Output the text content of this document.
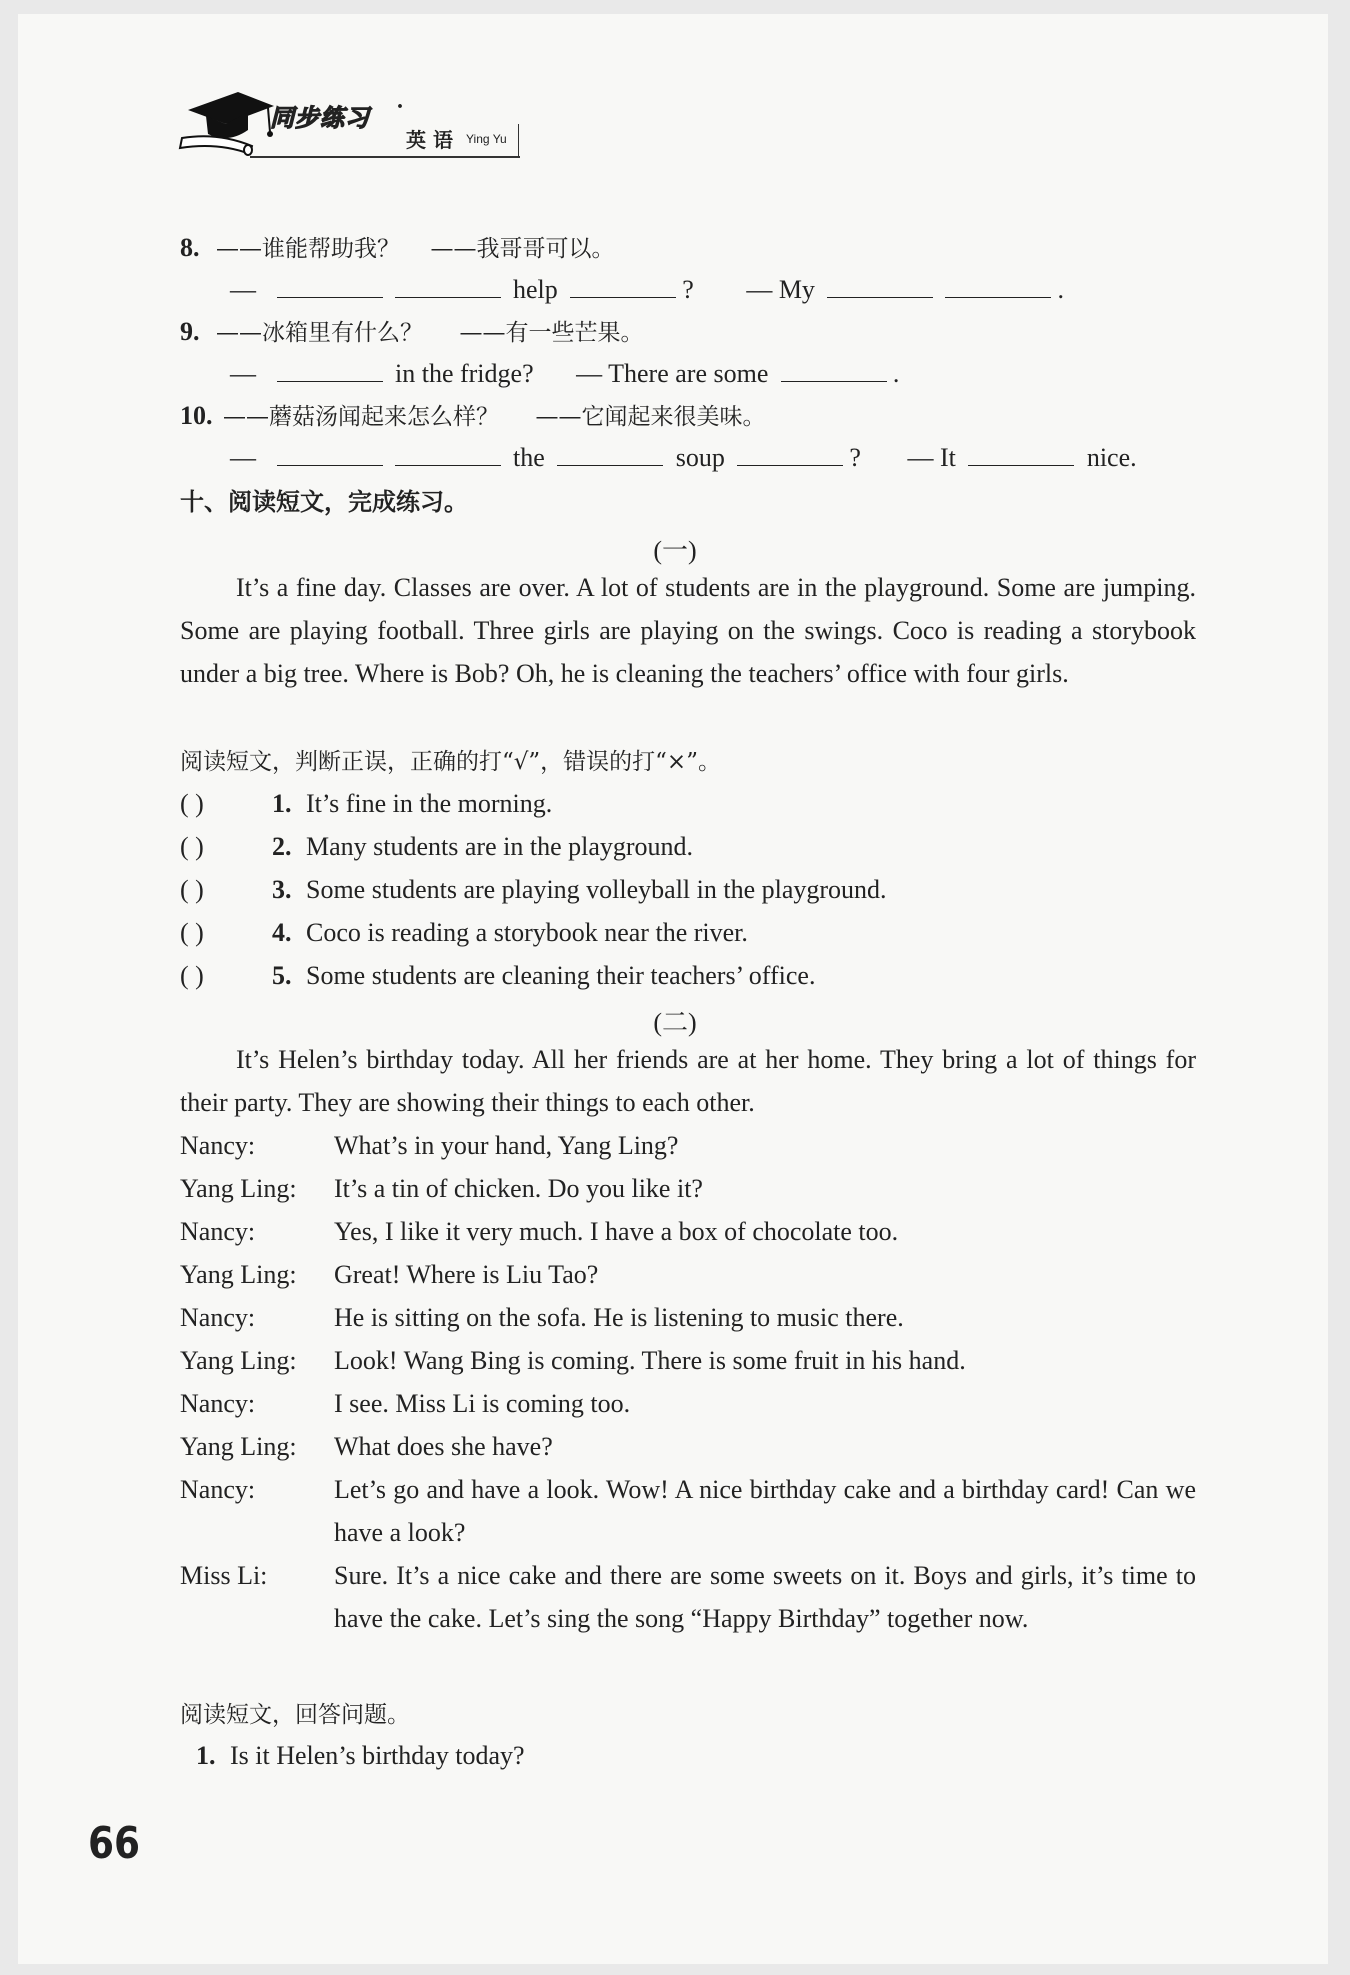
同步练习 ·
英 语 Ying Yu
8. ——谁能帮助我？ ——我哥哥可以。
—	help	? — My	.
9. ——冰箱里有什么？ ——有一些芒果。
—	in the fridge? — There are some	.
10. ——蘑菇汤闻起来怎么样？ ——它闻起来很美味。
—	the	soup	? — It	nice.
十、阅读短文，完成练习。
(一)
It’s a fine day. Classes are over. A lot of students are in the playground. Some are jumping. Some are playing football. Three girls are playing on the swings. Coco is reading a storybook under a big tree. Where is Bob? Oh, he is cleaning the teachers’ office with four girls.
阅读短文，判断正误，正确的打“√”，错误的打“×”。
( )	1. It’s fine in the morning.
( )	2. Many students are in the playground.
( )	3. Some students are playing volleyball in the playground.
( )	4. Coco is reading a storybook near the river.
( )	5. Some students are cleaning their teachers’ office.
(二)
It’s Helen’s birthday today. All her friends are at her home. They bring a lot of things for their party. They are showing their things to each other.
Nancy:	What’s in your hand, Yang Ling?
Yang Ling: It’s a tin of chicken. Do you like it?
Nancy:	Yes, I like it very much. I have a box of chocolate too.
Yang Ling: Great! Where is Liu Tao?
Nancy:	He is sitting on the sofa. He is listening to music there.
Yang Ling: Look! Wang Bing is coming. There is some fruit in his hand.
Nancy:	I see. Miss Li is coming too.
Yang Ling: What does she have?
Nancy:	Let’s go and have a look. Wow! A nice birthday cake and a birthday card! Can we have a look?
Miss Li:	Sure. It’s a nice cake and there are some sweets on it. Boys and girls, it’s time to have the cake. Let’s sing the song “Happy Birthday” together now.
阅读短文，回答问题。
1. Is it Helen’s birthday today?
66
